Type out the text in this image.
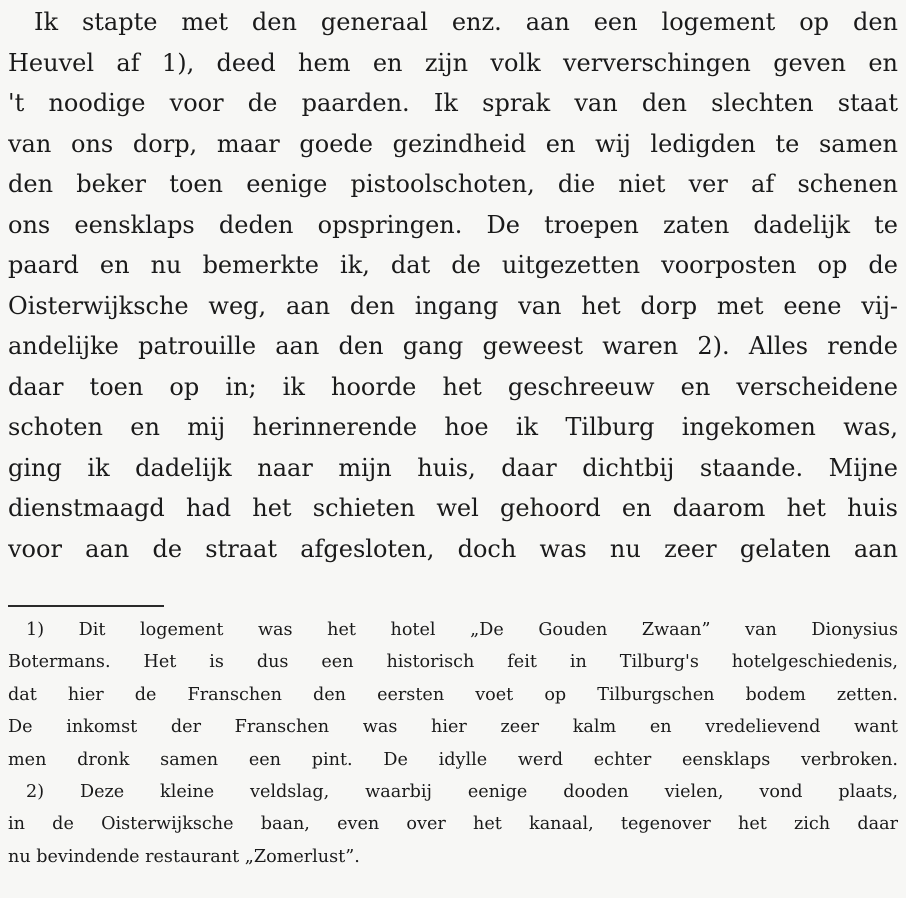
Ik stapte met den generaal enz. aan een logement op den
Heuvel af 1), deed hem en zijn volk ververschingen geven en
't noodige voor de paarden. Ik sprak van den slechten staat
van ons dorp, maar goede gezindheid en wij ledigden te samen
den beker toen eenige pistoolschoten, die niet ver af schenen
ons eensklaps deden opspringen. De troepen zaten dadelijk te
paard en nu bemerkte ik, dat de uitgezetten voorposten op de
Oisterwijksche weg, aan den ingang van het dorp met eene vij-
andelijke patrouille aan den gang geweest waren 2). Alles rende
daar toen op in; ik hoorde het geschreeuw en verscheidene
schoten en mij herinnerende hoe ik Tilburg ingekomen was,
ging ik dadelijk naar mijn huis, daar dichtbij staande. Mijne
dienstmaagd had het schieten wel gehoord en daarom het huis
voor aan de straat afgesloten, doch was nu zeer gelaten aan
1) Dit logement was het hotel „De Gouden Zwaan” van Dionysius
Botermans. Het is dus een historisch feit in Tilburg's hotelgeschiedenis,
dat hier de Franschen den eersten voet op Tilburgschen bodem zetten.
De inkomst der Franschen was hier zeer kalm en vredelievend want
men dronk samen een pint. De idylle werd echter eensklaps verbroken.
2) Deze kleine veldslag, waarbij eenige dooden vielen, vond plaats,
in de Oisterwijksche baan, even over het kanaal, tegenover het zich daar
nu bevindende restaurant „Zomerlust”.
